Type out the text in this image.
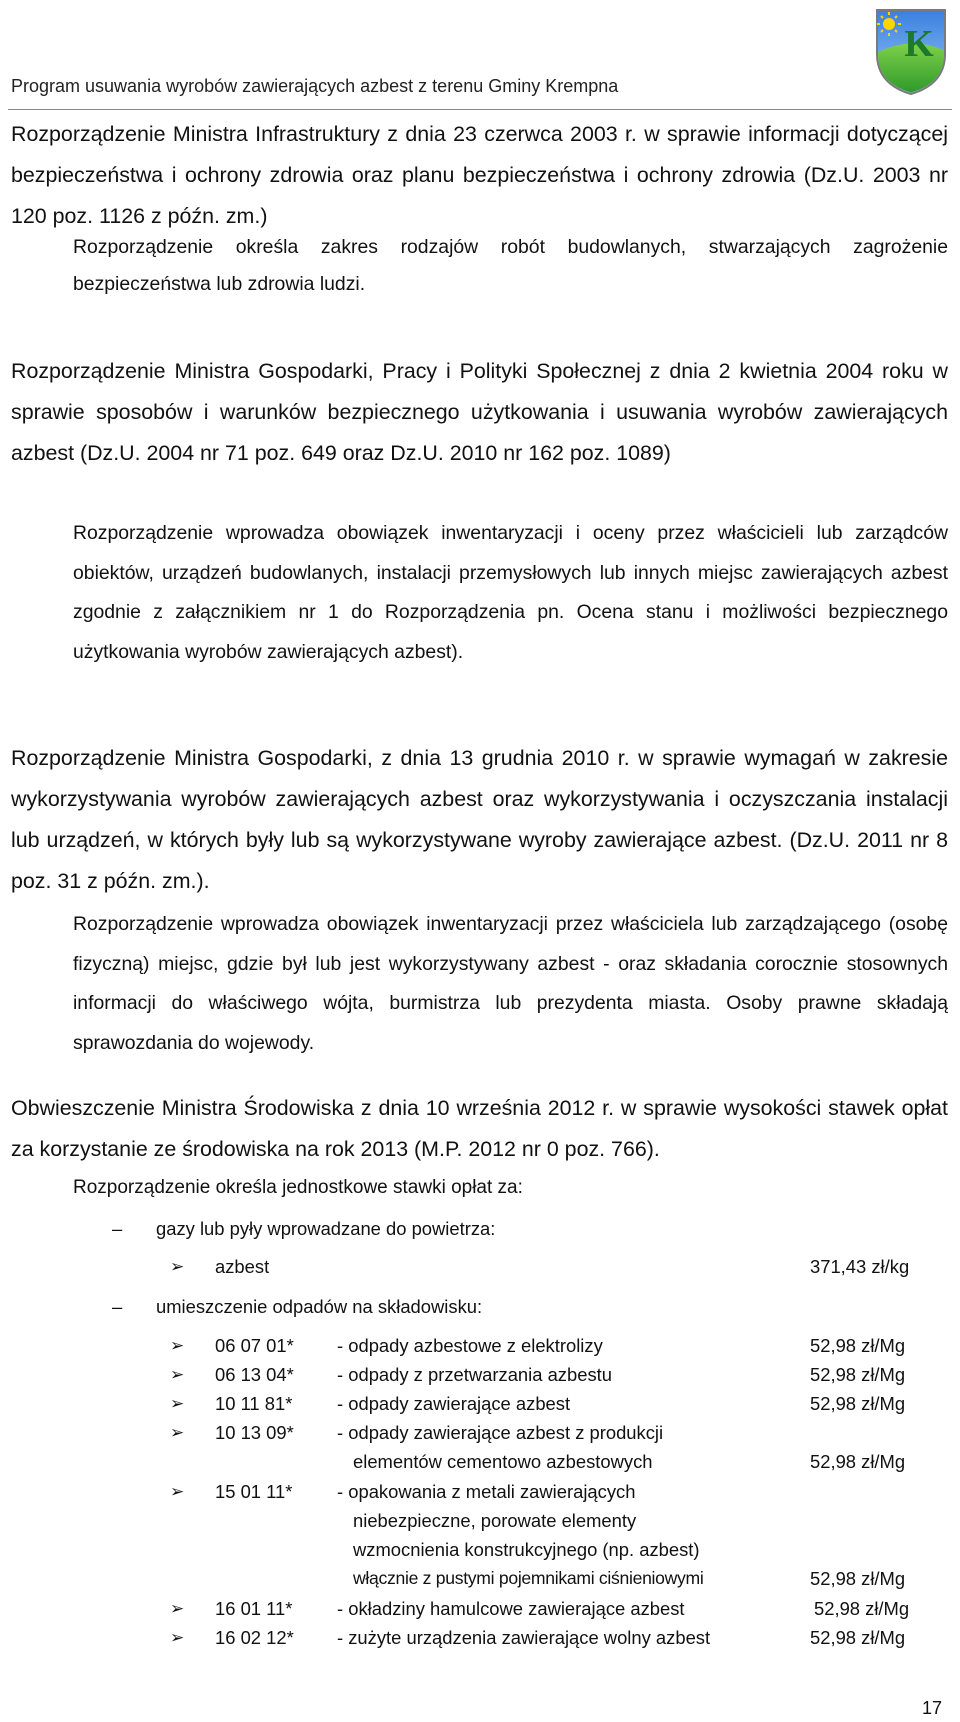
Program usuwania wyrobów zawierających azbest z terenu Gminy Krempna
K
Rozporządzenie Ministra Infrastruktury z dnia 23 czerwca 2003 r. w sprawie informacji dotyczącej bezpieczeństwa i ochrony zdrowia oraz planu bezpieczeństwa i ochrony zdrowia (Dz.U. 2003 nr 120 poz. 1126 z późn. zm.)
Rozporządzenie określa zakres rodzajów robót budowlanych, stwarzających zagrożenie bezpieczeństwa lub zdrowia ludzi.
Rozporządzenie Ministra Gospodarki, Pracy i Polityki Społecznej z dnia 2 kwietnia 2004 roku w sprawie sposobów i warunków bezpiecznego użytkowania i usuwania wyrobów zawierających azbest (Dz.U. 2004 nr 71 poz. 649 oraz Dz.U. 2010 nr 162 poz. 1089)
Rozporządzenie wprowadza obowiązek inwentaryzacji i oceny przez właścicieli lub zarządców obiektów, urządzeń budowlanych, instalacji przemysłowych lub innych miejsc zawierających azbest zgodnie z załącznikiem nr 1 do Rozporządzenia pn. Ocena stanu i możliwości bezpiecznego użytkowania wyrobów zawierających azbest).
Rozporządzenie Ministra Gospodarki, z dnia 13 grudnia 2010 r. w sprawie wymagań w zakresie wykorzystywania wyrobów zawierających azbest oraz wykorzystywania i oczyszczania instalacji lub urządzeń, w których były lub są wykorzystywane wyroby zawierające azbest. (Dz.U. 2011 nr 8 poz. 31 z późn. zm.).
Rozporządzenie wprowadza obowiązek inwentaryzacji przez właściciela lub zarządzającego (osobę fizyczną) miejsc, gdzie był lub jest wykorzystywany azbest - oraz składania corocznie stosownych informacji do właściwego wójta, burmistrza lub prezydenta miasta. Osoby prawne składają sprawozdania do wojewody.
Obwieszczenie Ministra Środowiska z dnia 10 września 2012 r. w sprawie wysokości stawek opłat za korzystanie ze środowiska na rok 2013 (M.P. 2012 nr 0 poz. 766).
Rozporządzenie określa jednostkowe stawki opłat za:
– gazy lub pyły wprowadzane do powietrza:
➢ azbest	371,43 zł/kg
– umieszczenie odpadów na składowisku:
➢ 06 07 01* - odpady azbestowe z elektrolizy	52,98 zł/Mg
➢ 06 13 04* - odpady z przetwarzania azbestu	52,98 zł/Mg
➢ 10 11 81* - odpady zawierające azbest	52,98 zł/Mg
➢ 10 13 09* - odpady zawierające azbest z produkcji
elementów cementowo azbestowych	52,98 zł/Mg
➢ 15 01 11* - opakowania z metali zawierających
niebezpieczne, porowate elementy
wzmocnienia konstrukcyjnego (np. azbest)
włącznie z pustymi pojemnikami ciśnieniowymi	52,98 zł/Mg
➢ 16 01 11* - okładziny hamulcowe zawierające azbest	52,98 zł/Mg
➢ 16 02 12* - zużyte urządzenia zawierające wolny azbest	52,98 zł/Mg
17
